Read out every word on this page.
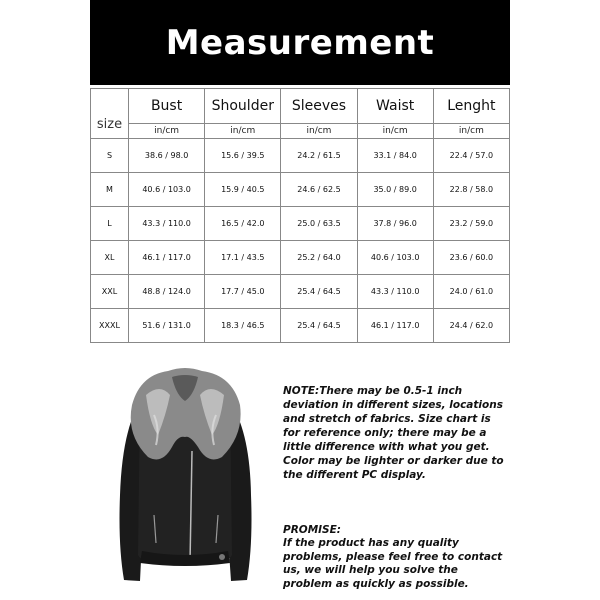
Measurement
size	Bust	Shoulder	Sleeves	Waist	Lenght
	in/cm	in/cm	in/cm	in/cm	in/cm
S	38.6 / 98.0	15.6 / 39.5	24.2 / 61.5	33.1 / 84.0	22.4 / 57.0
M	40.6 / 103.0	15.9 / 40.5	24.6 / 62.5	35.0 / 89.0	22.8 / 58.0
L	43.3 / 110.0	16.5 / 42.0	25.0 / 63.5	37.8 / 96.0	23.2 / 59.0
XL	46.1 / 117.0	17.1 / 43.5	25.2 / 64.0	40.6 / 103.0	23.6 / 60.0
XXL	48.8 / 124.0	17.7 / 45.0	25.4 / 64.5	43.3 / 110.0	24.0 / 61.0
XXXL	51.6 / 131.0	18.3 / 46.5	25.4 / 64.5	46.1 / 117.0	24.4 / 62.0
NOTE:There may be 0.5-1 inch deviation in different sizes, locations and stretch of fabrics. Size chart is for reference only; there may be a little difference with what you get. Color may be lighter or darker due to the different PC display.
PROMISE:
If the product has any quality problems, please feel free to contact us, we will help you solve the problem as quickly as possible.
